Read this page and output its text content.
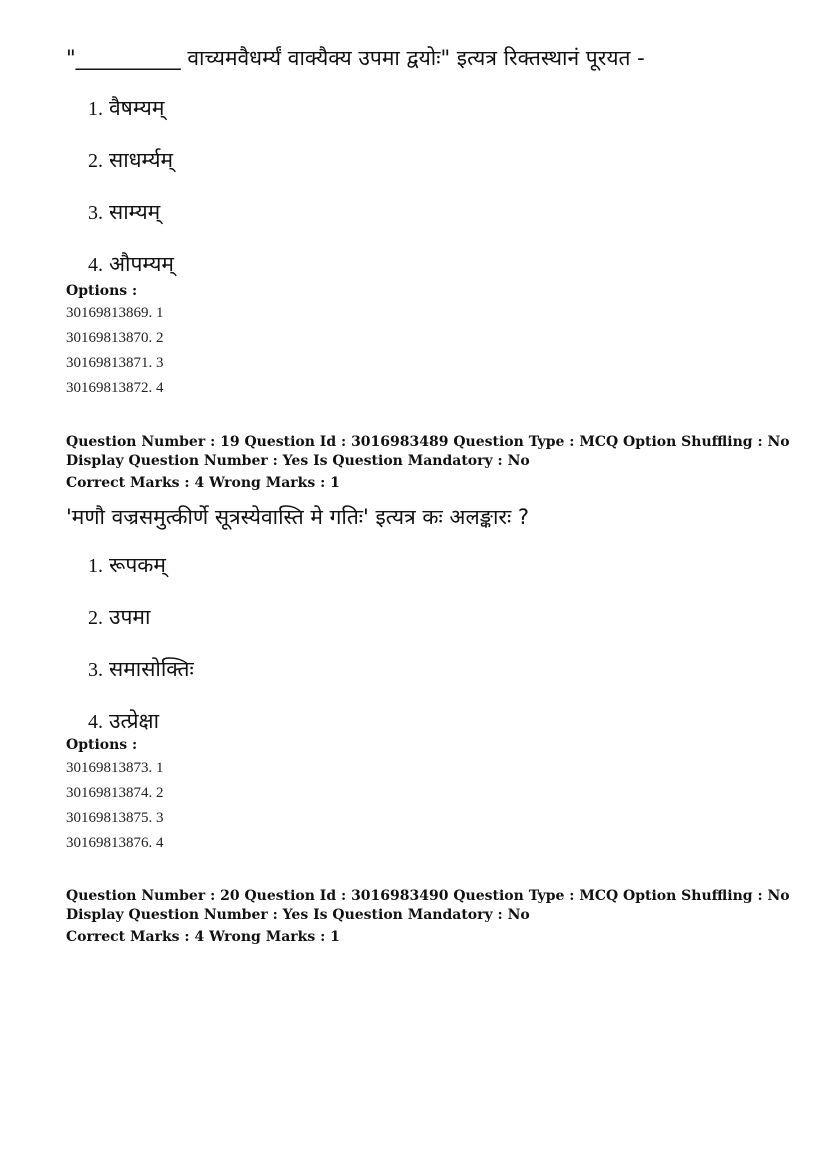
"__________ वाच्यमवैधर्म्यं वाक्यैक्य उपमा द्वयोः" इत्यत्र रिक्तस्थानं पूरयत -
1. वैषम्यम्
2. साधर्म्यम्
3. साम्यम्
4. औपम्यम्
Options :
30169813869. 1
30169813870. 2
30169813871. 3
30169813872. 4
Question Number : 19 Question Id : 3016983489 Question Type : MCQ Option Shuffling : No
Display Question Number : Yes Is Question Mandatory : No
Correct Marks : 4 Wrong Marks : 1
'मणौ वज्रसमुत्कीर्णे सूत्रस्येवास्ति मे गतिः' इत्यत्र कः अलङ्कारः ?
1. रूपकम्
2. उपमा
3. समासोक्तिः
4. उत्प्रेक्षा
Options :
30169813873. 1
30169813874. 2
30169813875. 3
30169813876. 4
Question Number : 20 Question Id : 3016983490 Question Type : MCQ Option Shuffling : No
Display Question Number : Yes Is Question Mandatory : No
Correct Marks : 4 Wrong Marks : 1
